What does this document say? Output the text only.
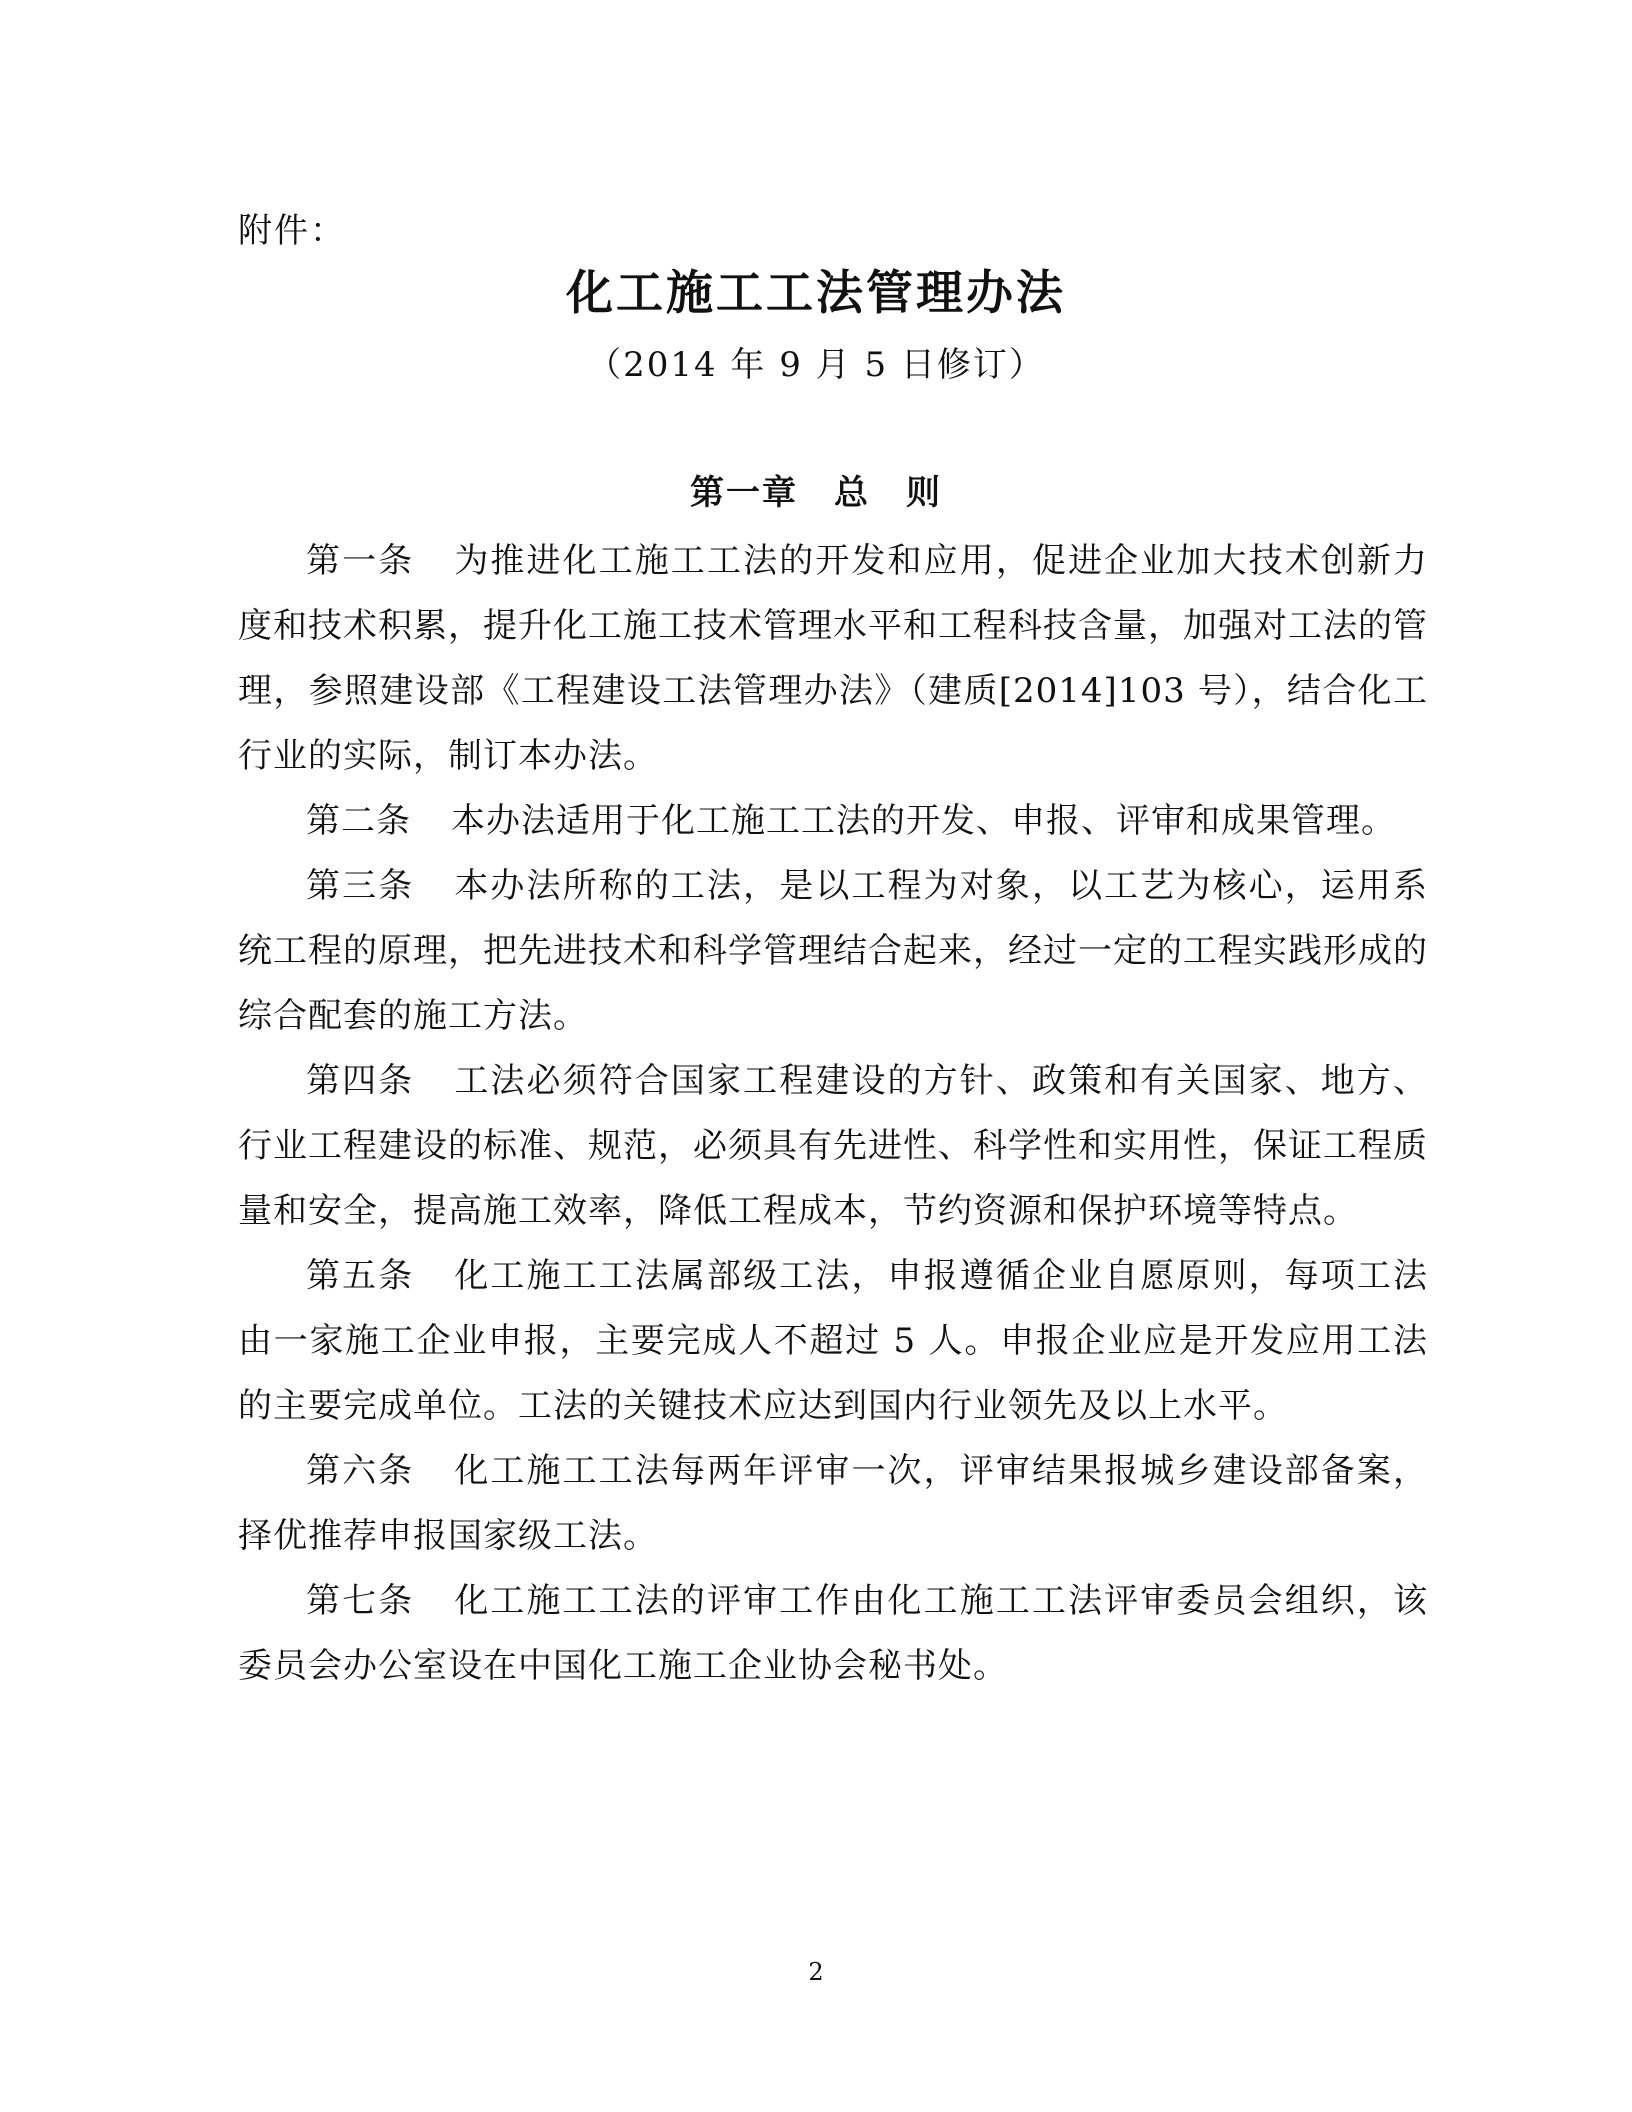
附件：
化工施工工法管理办法
（2014 年 9 月 5 日修订）
第一章　总　则

第一条 为推进化工施工工法的开发和应用，促进企业加大技术创新力度和技术积累，提升化工施工技术管理水平和工程科技含量，加强对工法的管理，参照建设部《工程建设工法管理办法》（建质[2014]103 号），结合化工行业的实际，制订本办法。

第二条 本办法适用于化工施工工法的开发、申报、评审和成果管理。

第三条 本办法所称的工法，是以工程为对象，以工艺为核心，运用系统工程的原理，把先进技术和科学管理结合起来，经过一定的工程实践形成的综合配套的施工方法。

第四条 工法必须符合国家工程建设的方针、政策和有关国家、地方、行业工程建设的标准、规范，必须具有先进性、科学性和实用性，保证工程质量和安全，提高施工效率，降低工程成本，节约资源和保护环境等特点。

第五条 化工施工工法属部级工法，申报遵循企业自愿原则，每项工法由一家施工企业申报，主要完成人不超过 5 人。申报企业应是开发应用工法的主要完成单位。工法的关键技术应达到国内行业领先及以上水平。

第六条 化工施工工法每两年评审一次，评审结果报城乡建设部备案，择优推荐申报国家级工法。

第七条 化工施工工法的评审工作由化工施工工法评审委员会组织，该委员会办公室设在中国化工施工企业协会秘书处。

2
